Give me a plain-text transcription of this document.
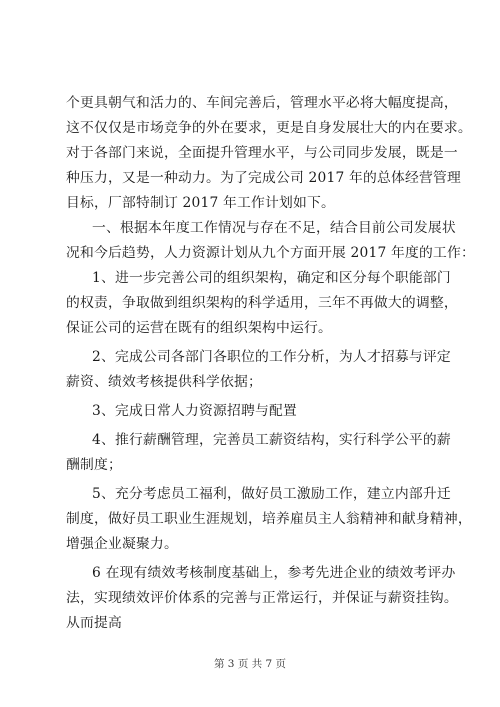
个更具朝气和活力的、车间完善后，管理水平必将大幅度提高，
这不仅仅是市场竞争的外在要求，更是自身发展壮大的内在要求。
对于各部门来说，全面提升管理水平，与公司同步发展，既是一
种压力，又是一种动力。为了完成公司 2017 年的总体经营管理
目标，厂部特制订 2017 年工作计划如下。
一、根据本年度工作情况与存在不足，结合目前公司发展状
况和今后趋势，人力资源计划从九个方面开展 2017 年度的工作：
1、进一步完善公司的组织架构，确定和区分每个职能部门
的权责，争取做到组织架构的科学适用，三年不再做大的调整，
保证公司的运营在既有的组织架构中运行。
2、完成公司各部门各职位的工作分析，为人才招募与评定
薪资、绩效考核提供科学依据；
3、完成日常人力资源招聘与配置
4、推行薪酬管理，完善员工薪资结构，实行科学公平的薪
酬制度；
5、充分考虑员工福利，做好员工激励工作，建立内部升迁
制度，做好员工职业生涯规划，培养雇员主人翁精神和献身精神，
增强企业凝聚力。
6 在现有绩效考核制度基础上，参考先进企业的绩效考评办
法，实现绩效评价体系的完善与正常运行，并保证与薪资挂钩。
从而提高
第 3 页 共 7 页
